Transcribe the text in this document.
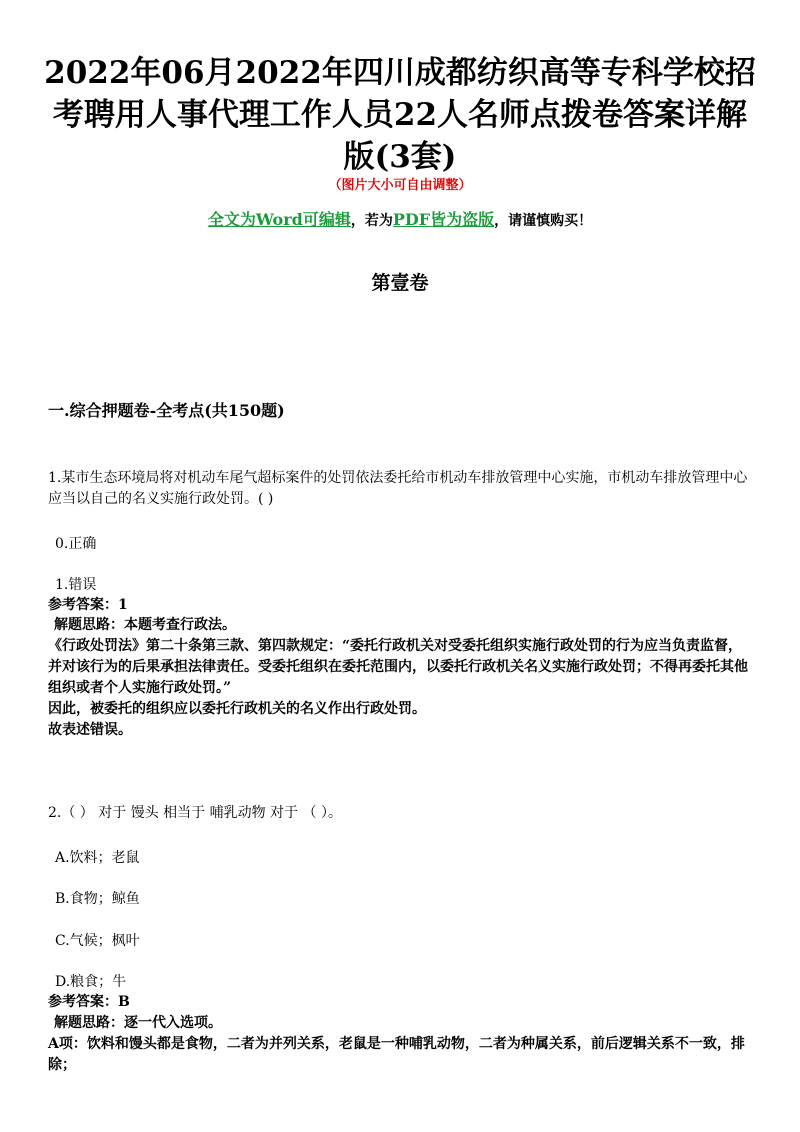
2022年06月2022年四川成都纺织高等专科学校招考聘用人事代理工作人员22人名师点拨卷答案详解版(3套)
（图片大小可自由调整）
全文为Word可编辑，若为PDF皆为盗版，请谨慎购买！
第壹卷
一.综合押题卷-全考点(共150题)
1.某市生态环境局将对机动车尾气超标案件的处罚依法委托给市机动车排放管理中心实施，市机动车排放管理中心应当以自己的名义实施行政处罚。( )
0.正确
1.错误
参考答案：1
解题思路：本题考查行政法。
《行政处罚法》第二十条第三款、第四款规定：“委托行政机关对受委托组织实施行政处罚的行为应当负责监督，并对该行为的后果承担法律责任。受委托组织在委托范围内，以委托行政机关名义实施行政处罚；不得再委托其他组织或者个人实施行政处罚。”
因此，被委托的组织应以委托行政机关的名义作出行政处罚。
故表述错误。
2.（ ） 对于 馒头 相当于 哺乳动物 对于 （ ）。
A.饮料；老鼠
B.食物；鲸鱼
C.气候；枫叶
D.粮食；牛
参考答案：B
解题思路：逐一代入选项。
A项：饮料和馒头都是食物，二者为并列关系，老鼠是一种哺乳动物，二者为种属关系，前后逻辑关系不一致，排除；
